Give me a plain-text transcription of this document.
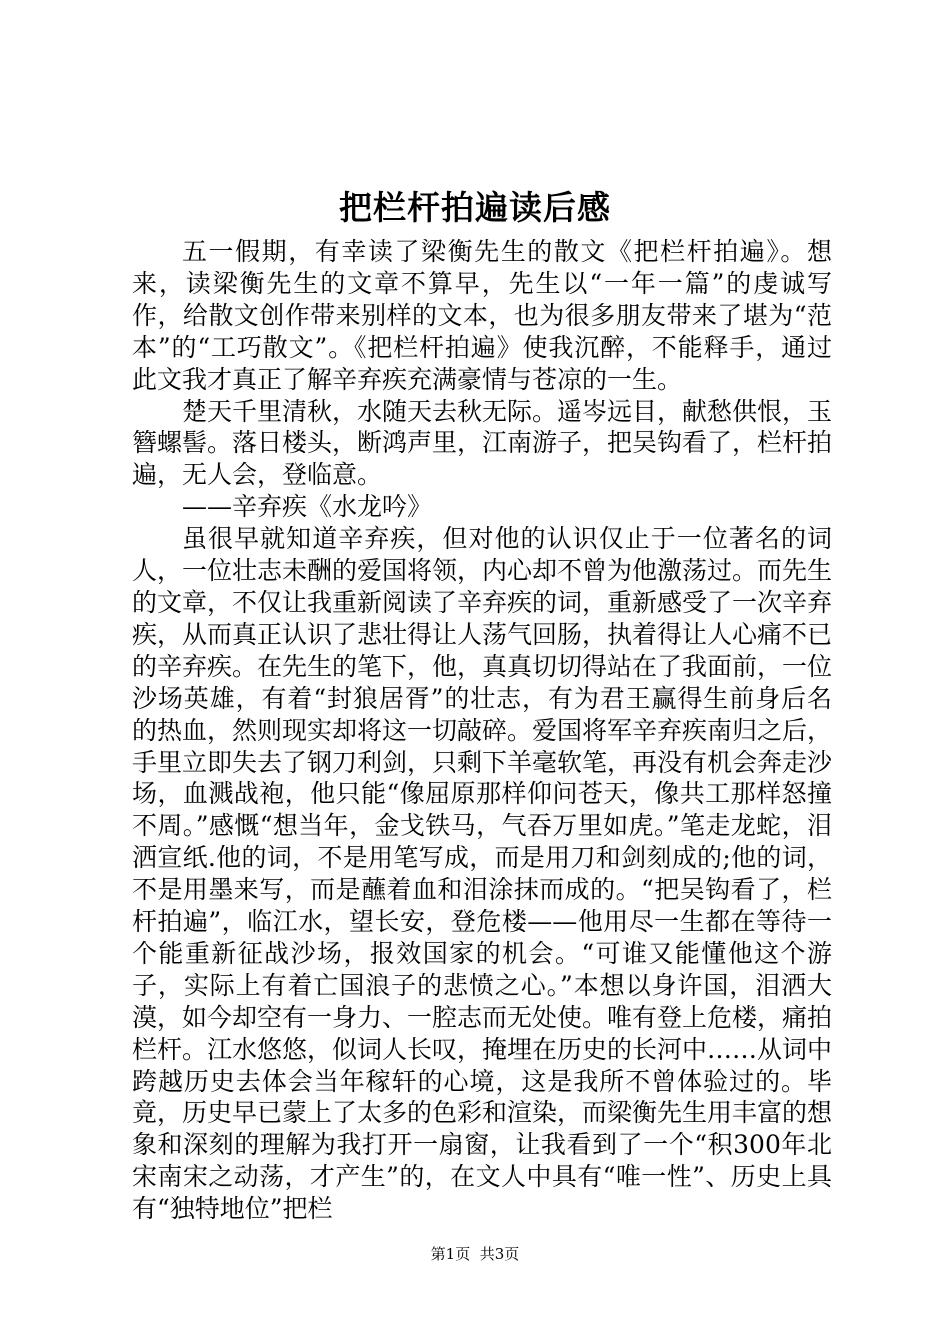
把栏杆拍遍读后感

五一假期，有幸读了梁衡先生的散文《把栏杆拍遍》。想来，读梁衡先生的文章不算早，先生以“一年一篇”的虔诚写作，给散文创作带来别样的文本，也为很多朋友带来了堪为“范本”的“工巧散文”。《把栏杆拍遍》使我沉醉，不能释手，通过此文我才真正了解辛弃疾充满豪情与苍凉的一生。

楚天千里清秋，水随天去秋无际。遥岑远目，献愁供恨，玉簪螺髻。落日楼头，断鸿声里，江南游子，把吴钩看了，栏杆拍遍，无人会，登临意。

——辛弃疾《水龙吟》

虽很早就知道辛弃疾，但对他的认识仅止于一位著名的词人，一位壮志未酬的爱国将领，内心却不曾为他激荡过。而先生的文章，不仅让我重新阅读了辛弃疾的词，重新感受了一次辛弃疾，从而真正认识了悲壮得让人荡气回肠，执着得让人心痛不已的辛弃疾。在先生的笔下，他，真真切切得站在了我面前，一位沙场英雄，有着“封狼居胥”的壮志，有为君王赢得生前身后名的热血，然则现实却将这一切敲碎。爱国将军辛弃疾南归之后，手里立即失去了钢刀利剑，只剩下羊毫软笔，再没有机会奔走沙场，血溅战袍，他只能“像屈原那样仰问苍天，像共工那样怒撞不周。”感慨“想当年，金戈铁马，气吞万里如虎。”笔走龙蛇，泪洒宣纸.他的词，不是用笔写成，而是用刀和剑刻成的;他的词，不是用墨来写，而是蘸着血和泪涂抹而成的。“把吴钩看了，栏杆拍遍”，临江水，望长安，登危楼——他用尽一生都在等待一个能重新征战沙场，报效国家的机会。“可谁又能懂他这个游子，实际上有着亡国浪子的悲愤之心。”本想以身许国，泪洒大漠，如今却空有一身力、一腔志而无处使。唯有登上危楼，痛拍栏杆。江水悠悠，似词人长叹，掩埋在历史的长河中……从词中跨越历史去体会当年稼轩的心境，这是我所不曾体验过的。毕竟，历史早已蒙上了太多的色彩和渲染，而梁衡先生用丰富的想象和深刻的理解为我打开一扇窗，让我看到了一个“积300年北宋南宋之动荡，才产生”的，在文人中具有“唯一性”、历史上具有“独特地位”把栏

第1页 共3页
